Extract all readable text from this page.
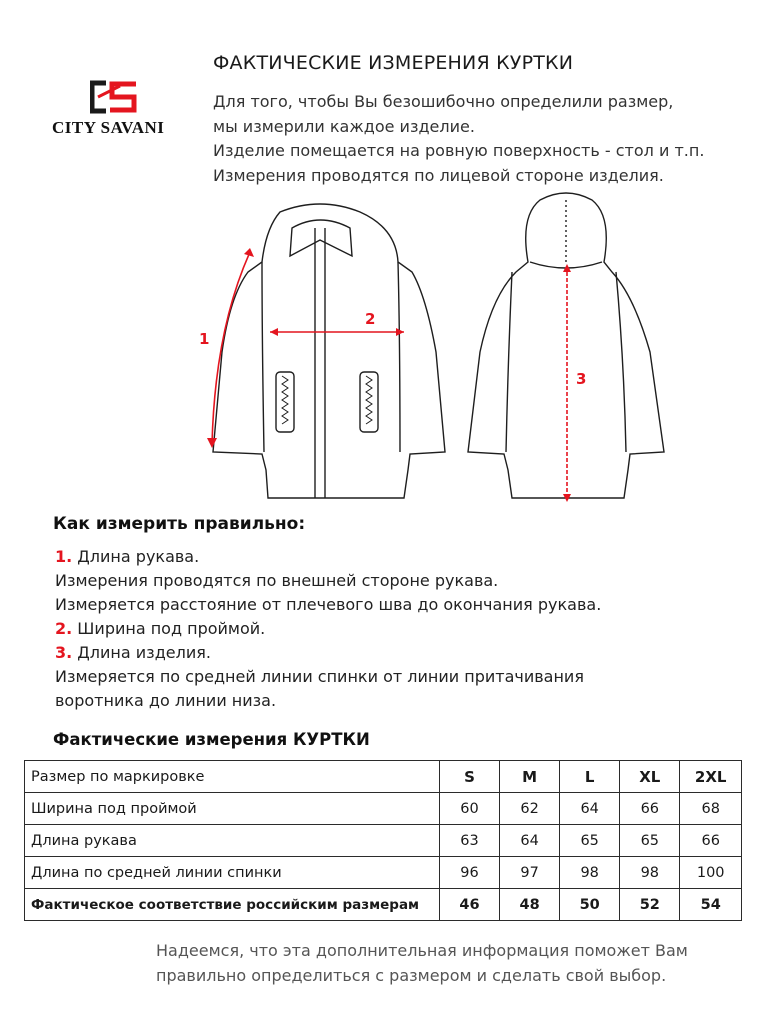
CITY SAVANI
ФАКТИЧЕСКИЕ ИЗМЕРЕНИЯ КУРТКИ
Для того, чтобы Вы безошибочно определили размер,
мы измерили каждое изделие.
Изделие помещается на ровную поверхность - стол и т.п.
Измерения проводятся по лицевой стороне изделия.
1
2
3
Как измерить правильно:
1. Длина рукава.
Измерения проводятся по внешней стороне рукава.
Измеряется расстояние от плечевого шва до окончания рукава.
2. Ширина под проймой.
3. Длина изделия.
Измеряется по средней линии спинки от линии притачивания
воротника до линии низа.
Фактические измерения КУРТКИ
Размер по маркировке	S	M	L	XL	2XL
Ширина под проймой	60	62	64	66	68
Длина рукава	63	64	65	65	66
Длина по средней линии спинки	96	97	98	98	100
Фактическое соответствие российским размерам	46	48	50	52	54
Надеемся, что эта дополнительная информация поможет Вам
правильно определиться с размером и сделать свой выбор.
